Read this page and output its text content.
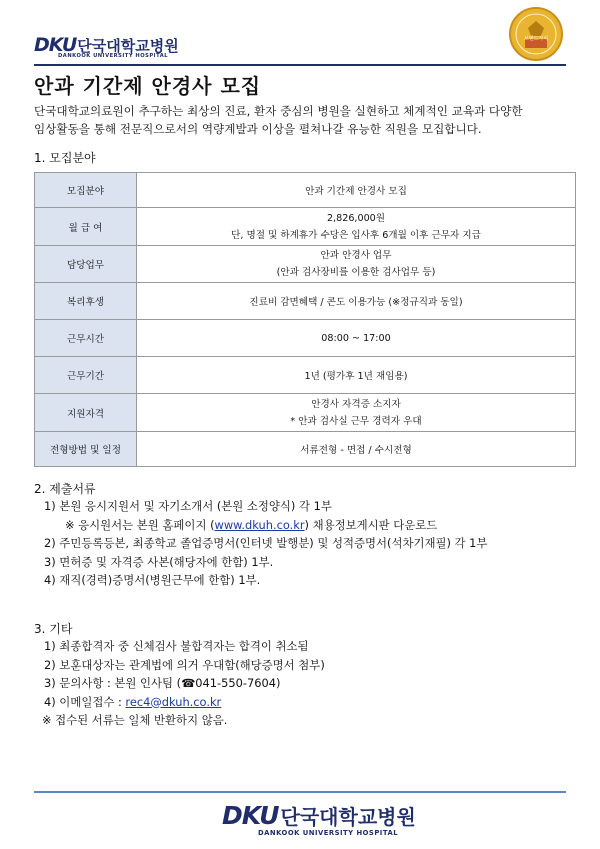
DKU 단국대학교병원
DANKOOK UNIVERSITY HOSPITAL
브랜드가치
안과 기간제 안경사 모집
단국대학교의료원이 추구하는 최상의 진료, 환자 중심의 병원을 실현하고 체계적인 교육과 다양한
임상활동을 통해 전문직으로서의 역량계발과 이상을 펼쳐나갈 유능한 직원을 모집합니다.
1. 모집분야
모집분야	안과 기간제 안경사 모집

월 급 여	2,826,000원
단, 명절 및 하계휴가 수당은 입사후 6개월 이후 근무자 지급

담당업무	안과 안경사 업무
(안과 검사장비를 이용한 검사업무 등)

복리후생	진료비 감면혜택 / 콘도 이용가능 (※정규직과 동일)

근무시간	08:00 ~ 17:00

근무기간	1년 (평가후 1년 재임용)

지원자격	안경사 자격증 소지자
* 안과 검사실 근무 경력자 우대

전형방법 및 일정	서류전형 - 면접 / 수시전형
2. 제출서류
1) 본원 응시지원서 및 자기소개서 (본원 소정양식) 각 1부
※ 응시원서는 본원 홈페이지 (www.dkuh.co.kr) 채용정보게시판 다운로드
2) 주민등록등본, 최종학교 졸업증명서(인터넷 발행분) 및 성적증명서(석차기재필) 각 1부
3) 면허증 및 자격증 사본(해당자에 한함) 1부.
4) 재직(경력)증명서(병원근무에 한함) 1부.
3. 기타
1) 최종합격자 중 신체검사 불합격자는 합격이 취소됨
2) 보훈대상자는 관계법에 의거 우대함(해당증명서 첨부)
3) 문의사항 : 본원 인사팀 (☎041-550-7604)
4) 이메일접수 : rec4@dkuh.co.kr
※ 접수된 서류는 일체 반환하지 않음.
DKU 단국대학교병원
DANKOOK UNIVERSITY HOSPITAL
